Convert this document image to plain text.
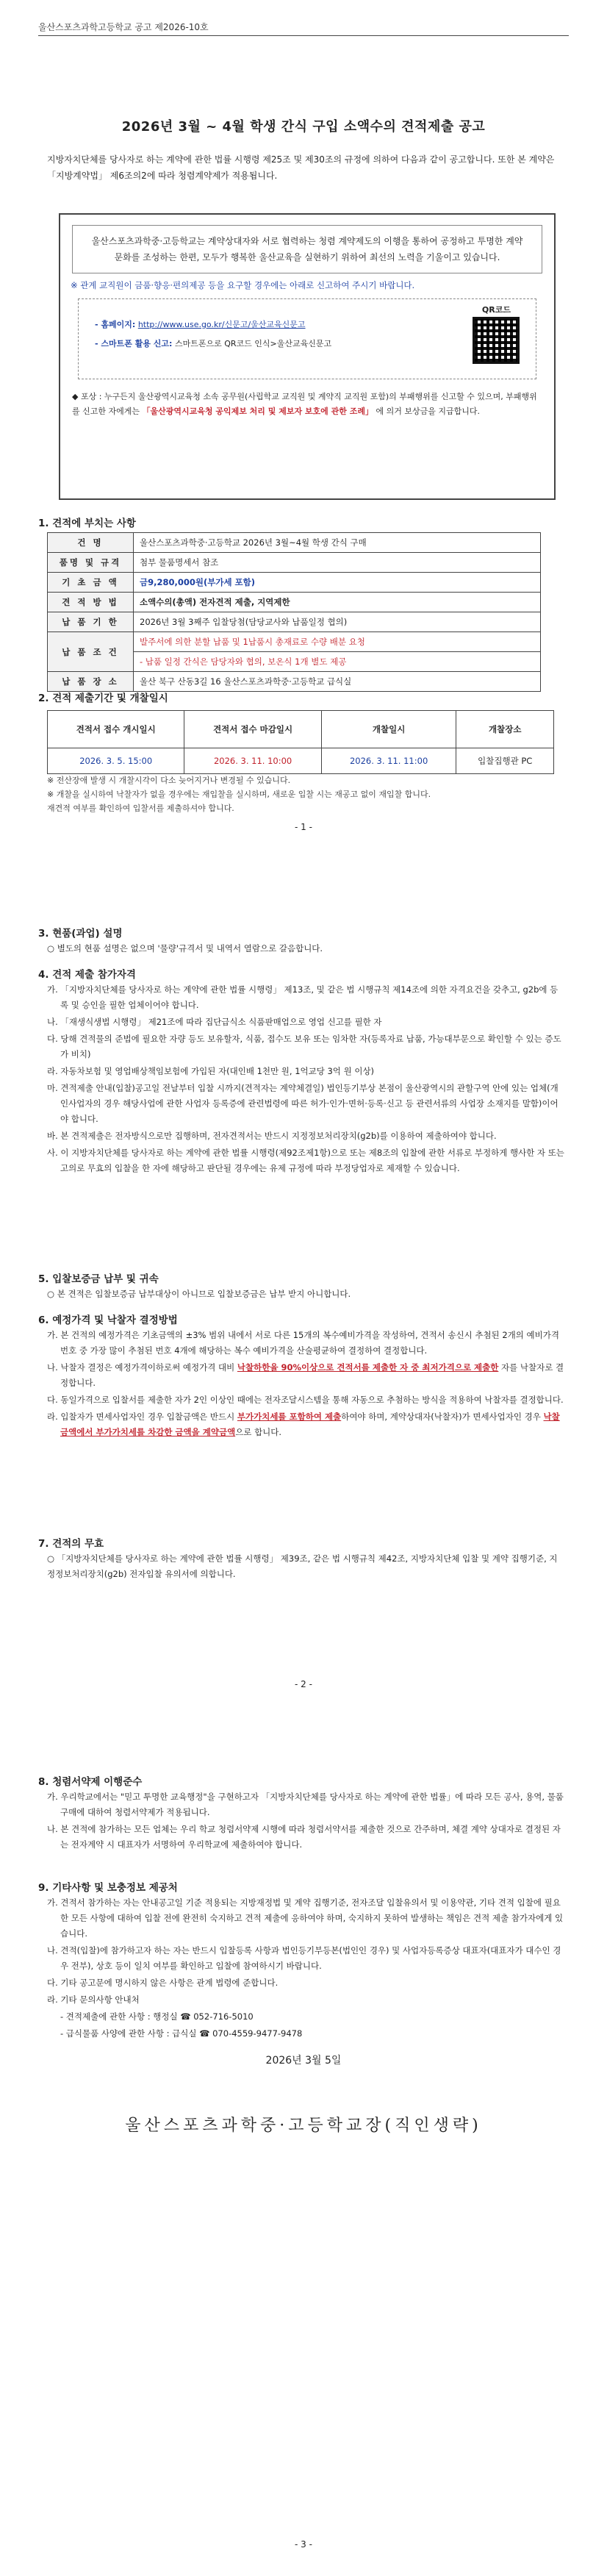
울산스포츠과학고등학교 공고 제2026-10호
2026년 3월 ~ 4월 학생 간식 구입 소액수의 견적제출 공고
지방자치단체를 당사자로 하는 계약에 관한 법률 시행령 제25조 및 제30조의 규정에 의하여 다음과 같이 공고합니다. 또한 본 계약은 「지방계약법」 제6조의2에 따라 청렴계약제가 적용됩니다.
울산스포츠과학중·고등학교는 계약상대자와 서로 협력하는 청렴 계약제도의 이행을 통하여 공정하고 투명한 계약 문화를 조성하는 한편, 모두가 행복한 울산교육을 실현하기 위하여 최선의 노력을 기울이고 있습니다.
※ 관계 교직원이 금품·향응·편의제공 등을 요구할 경우에는 아래로 신고하여 주시기 바랍니다.
QR코드
- 홈페이지: http://www.use.go.kr/신문고/울산교육신문고
- 스마트폰 활용 신고: 스마트폰으로 QR코드 인식>울산교육신문고
◆ 포상 : 누구든지 울산광역시교육청 소속 공무원(사립학교 교직원 및 계약직 교직원 포함)의 부패행위를 신고할 수 있으며, 부패행위를 신고한 자에게는 「울산광역시교육청 공익제보 처리 및 제보자 보호에 관한 조례」 에 의거 보상금을 지급합니다.
1. 견적에 부치는 사항
건 명	울산스포츠과학중·고등학교 2026년 3월~4월 학생 간식 구매
품명 및 규격	첨부 물품명세서 참조
기 초 금 액	금9,280,000원(부가세 포함)
견 적 방 법	소액수의(총액) 전자견적 제출, 지역제한
납 품 기 한	2026년 3월 3째주 입찰당첨(담당교사와 납품일정 협의)
납 품 조 건	발주서에 의한 분할 납품 및 1납품시 총재료로 수량 배분 요청
	- 납품 일정 간식은 담당자와 협의, 보온식 1개 별도 제공
납 품 장 소	울산 북구 산동3길 16 울산스포츠과학중·고등학교 급식실
2. 견적 제출기간 및 개찰일시
견적서 접수 개시일시	견적서 접수 마감일시	개찰일시	개찰장소
2026. 3. 5. 15:00	2026. 3. 11. 10:00	2026. 3. 11. 11:00	입찰집행관 PC
※ 전산장애 발생 시 개찰시각이 다소 늦어지거나 변경될 수 있습니다.
※ 개찰을 실시하여 낙찰자가 없을 경우에는 재입찰을 실시하며, 새로운 입찰 시는 재공고 없이 재입찰 합니다.
재견적 여부를 확인하여 입찰서를 제출하셔야 합니다.
- 1 -
3. 현품(과업) 설명
○ 별도의 현품 설명은 없으며 '물량'규격서 및 내역서 열람으로 갈음합니다.
4. 견적 제출 참가자격

가. 「지방자치단체를 당사자로 하는 계약에 관한 법률 시행령」 제13조, 및 같은 법 시행규칙 제14조에 의한 자격요건을 갖추고, g2b에 등록 및 승인을 필한 업체이어야 합니다.

나. 「재생식생법 시행령」 제21조에 따라 집단급식소 식품판매업으로 영업 신고를 필한 자

다. 당해 견적물의 준법에 필요한 자량 등도 보유할자, 식품, 접수도 보유 또는 임차한 자(등록자료 납품, 가능대부문으로 확인할 수 있는 증도가 비치)

라. 자동차보험 및 영업배상책임보험에 가입된 자(대인배 1천만 원, 1억교당 3억 원 이상)

마. 견적제출 안내(입찰)공고일 전날부터 입찰 시까지(견적자는 계약체결일) 법인등기부상 본점이 울산광역시의 관할구역 안에 있는 업체(개인사업자의 경우 해당사업에 관한 사업자 등록증에 관련법령에 따른 허가·인가·면허·등록·신고 등 관련서류의 사업장 소재지를 말함)이어야 합니다.

바. 본 견적제출은 전자방식으로만 집행하며, 전자견적서는 반드시 지정정보처리장치(g2b)를 이용하여 제출하여야 합니다.

사. 이 지방자치단체를 당사자로 하는 계약에 관한 법률 시행령(제92조제1항)으로 또는 제8조의 입찰에 관한 서류로 부정하게 행사한 자 또는 고의로 무효의 입찰을 한 자에 해당하고 판단될 경우에는 유제 규정에 따라 부정당업자로 제재할 수 있습니다.

5. 입찰보증금 납부 및 귀속
○ 본 견적은 입찰보증금 납부대상이 아니므로 입찰보증금은 납부 받지 아니합니다.
6. 예정가격 및 낙찰자 결정방법

가. 본 건적의 예정가격은 기초금액의 ±3% 범위 내에서 서로 다른 15개의 복수예비가격을 작성하여, 견적서 송신시 추첨된 2개의 예비가격 번호 중 가장 많이 추첨된 번호 4개에 해당하는 복수 예비가격을 산술평균하여 결정하여 결정합니다.

나. 낙찰자 결정은 예정가격이하로써 예정가격 대비 낙찰하한율 90%이상으로 견적서를 제출한 자 중 최저가격으로 제출한 자를 낙찰자로 결정합니다.

다. 동일가격으로 입찰서를 제출한 자가 2인 이상인 때에는 전자조달시스템을 통해 자동으로 추첨하는 방식을 적용하여 낙찰자를 결정합니다.

라. 입찰자가 면세사업자인 경우 입찰금액은 반드시 부가가치세를 포함하여 제출하여야 하며, 계약상대자(낙찰자)가 면세사업자인 경우 낙찰금액에서 부가가치세를 차감한 금액을 계약금액으로 합니다.

7. 견적의 무효
○ 「지방자치단체를 당사자로 하는 계약에 관한 법률 시행령」 제39조, 같은 법 시행규칙 제42조, 지방자치단체 입찰 및 계약 집행기준, 지정정보처리장치(g2b) 전자입찰 유의서에 의합니다.
- 2 -
8. 청렴서약제 이행준수

가. 우리학교에서는 "믿고 투명한 교육행정"을 구현하고자 「지방자치단체를 당사자로 하는 계약에 관한 법률」에 따라 모든 공사, 용역, 물품 구매에 대하여 청렴서약제가 적용됩니다.

나. 본 견적에 참가하는 모든 업체는 우리 학교 청렴서약제 시행에 따라 청렴서약서를 제출한 것으로 간주하며, 체결 계약 상대자로 결정된 자는 전자계약 시 대표자가 서명하여 우리학교에 제출하여야 합니다.

9. 기타사항 및 보충정보 제공처

가. 견적서 참가하는 자는 안내공고일 기준 적용되는 지방재정법 및 계약 집행기준, 전자조달 입찰유의서 및 이용약관, 기타 견적 입찰에 필요한 모든 사항에 대하여 입찰 전에 완전히 숙지하고 견적 제출에 응하여야 하며, 숙지하지 못하여 발생하는 책임은 견적 제출 참가자에게 있습니다.

나. 견적(입찰)에 참가하고자 하는 자는 반드시 입찰등록 사항과 법인등기부등본(법인인 경우) 및 사업자등록증상 대표자(대표자가 대수인 경우 전부), 상호 등이 일치 여부를 확인하고 입찰에 참여하시기 바랍니다.

다. 기타 공고문에 명시하지 않은 사항은 관계 법령에 준합니다.

라. 기타 문의사항 안내처

- 견적제출에 관한 사항 : 행정실 ☎ 052-716-5010

- 급식물품 사양에 관한 사항 : 급식실 ☎ 070-4559-9477-9478

2026년 3월 5일
울산스포츠과학중·고등학교장(직인생략)
- 3 -
